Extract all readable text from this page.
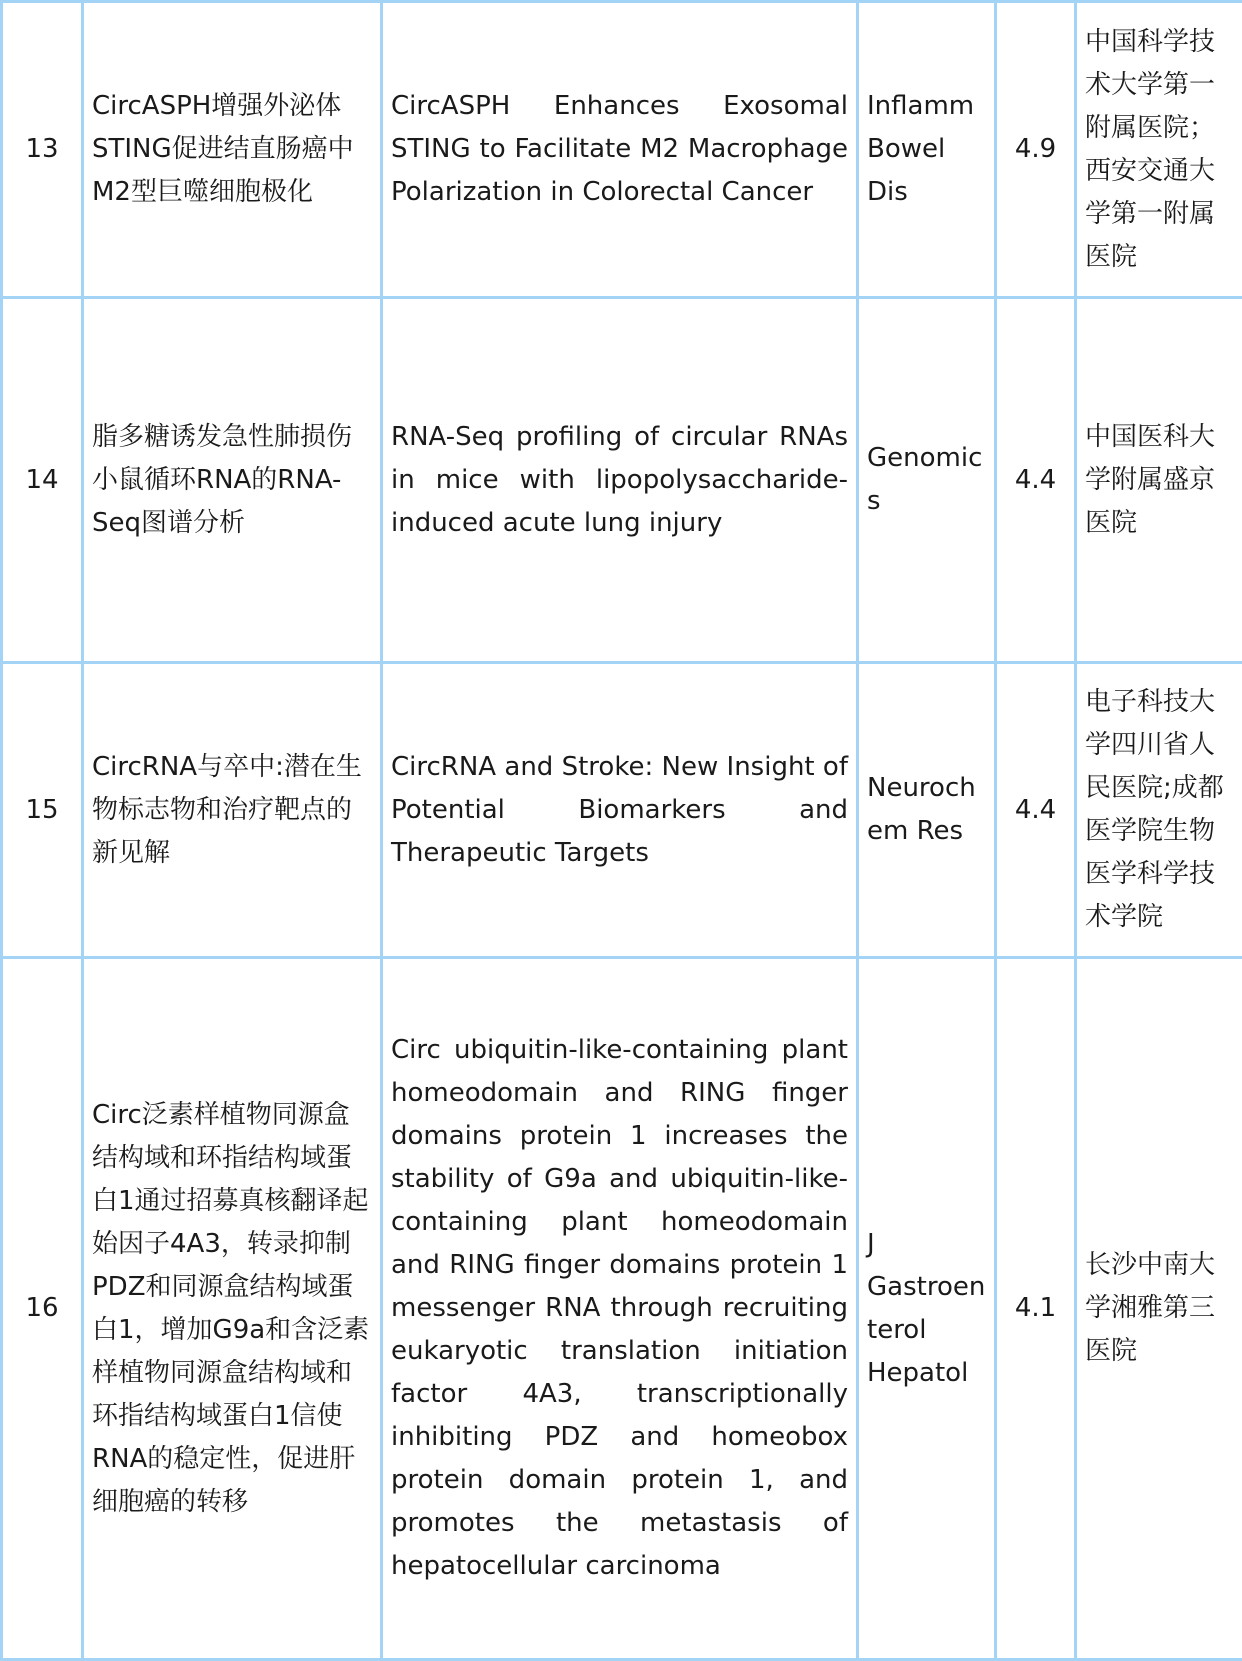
13	CircASPH增强外泌体STING促进结直肠癌中M2型巨噬细胞极化	CircASPH Enhances Exosomal STING to Facilitate M2 Macrophage Polarization in Colorectal Cancer	Inflamm Bowel Dis	4.9	中国科学技术大学第一附属医院；西安交通大学第一附属医院
14	脂多糖诱发急性肺损伤小鼠循环RNA的RNA-Seq图谱分析	RNA-Seq profiling of circular RNAs in mice with lipopolysaccharide-induced acute lung injury	Genomics	4.4	中国医科大学附属盛京医院
15	CircRNA与卒中:潜在生物标志物和治疗靶点的新见解	CircRNA and Stroke: New Insight of Potential Biomarkers and Therapeutic Targets	Neurochem Res	4.4	电子科技大学四川省人民医院;成都医学院生物医学科学技术学院
16	Circ泛素样植物同源盒结构域和环指结构域蛋白1通过招募真核翻译起始因子4A3，转录抑制PDZ和同源盒结构域蛋白1，增加G9a和含泛素样植物同源盒结构域和环指结构域蛋白1信使RNA的稳定性，促进肝细胞癌的转移	Circ ubiquitin-like-containing plant homeodomain and RING finger domains protein 1 increases the stability of G9a and ubiquitin-like-containing plant homeodomain and RING finger domains protein 1 messenger RNA through recruiting eukaryotic translation initiation factor 4A3, transcriptionally inhibiting PDZ and homeobox protein domain protein 1, and promotes the metastasis of hepatocellular carcinoma	J Gastroenterol Hepatol	4.1	长沙中南大学湘雅第三医院
